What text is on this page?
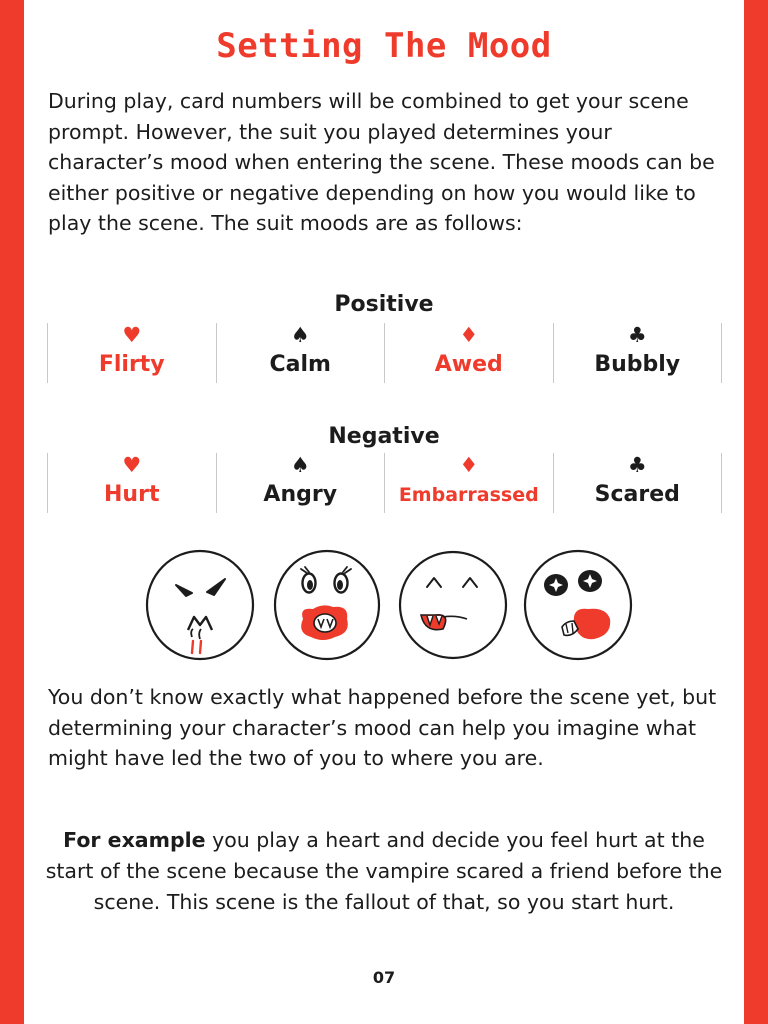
Setting The Mood

During play, card numbers will be combined to get your scene prompt. However, the suit you played determines your character’s mood when entering the scene. These moods can be either positive or negative depending on how you would like to play the scene. The suit moods are as follows:

Positive
♥
Flirty
♠
Calm
♦
Awed
♣
Bubbly
Negative
♥
Hurt
♠
Angry
♦
Embarrassed
♣
Scared

You don’t know exactly what happened before the scene yet, but determining your character’s mood can help you imagine what might have led the two of you to where you are.

For example you play a heart and decide you feel hurt at the start of the scene because the vampire scared a friend before the scene. This scene is the fallout of that, so you start hurt.

07
